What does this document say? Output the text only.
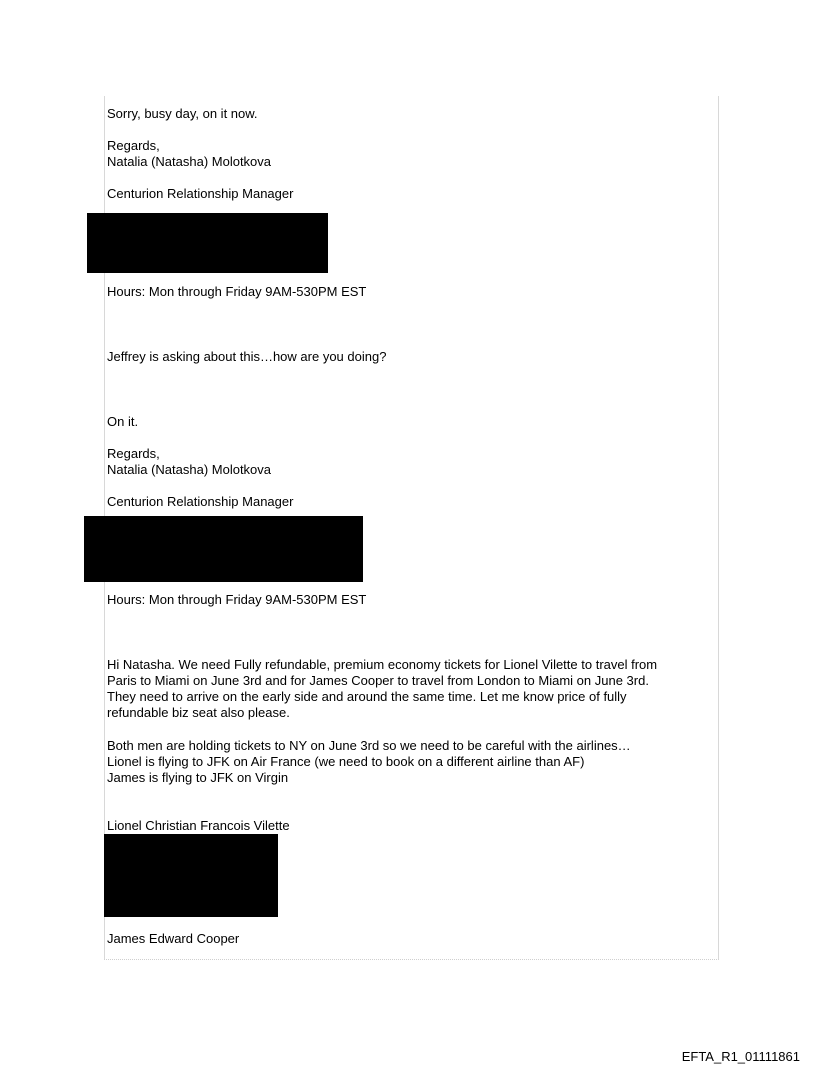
Sorry, busy day, on it now.

Regards,

Natalia (Natasha) Molotkova

Centurion Relationship Manager

Hours: Mon through Friday 9AM-530PM EST

Jeffrey is asking about this…how are you doing?

On it.

Regards,

Natalia (Natasha) Molotkova

Centurion Relationship Manager

Hours: Mon through Friday 9AM-530PM EST

Hi Natasha. We need Fully refundable, premium economy tickets for Lionel Vilette to travel from

Paris to Miami on June 3rd and for James Cooper to travel from London to Miami on June 3rd.

They need to arrive on the early side and around the same time. Let me know price of fully

refundable biz seat also please.

Both men are holding tickets to NY on June 3rd so we need to be careful with the airlines…

Lionel is flying to JFK on Air France (we need to book on a different airline than AF)

James is flying to JFK on Virgin

Lionel Christian Francois Vilette

James Edward Cooper

EFTA_R1_01111861
